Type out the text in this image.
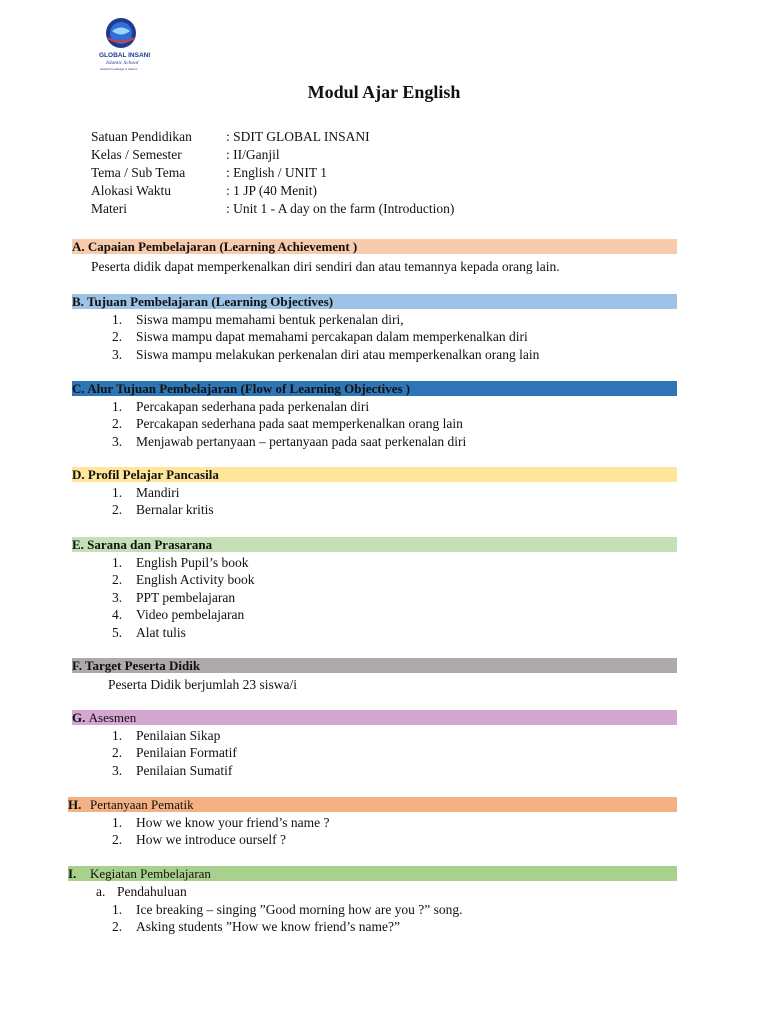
GLOBAL INSANI
Islamic School
Global Knowledge & Islamic
Modul Ajar English
Satuan Pendidikan	: SDIT GLOBAL INSANI
Kelas / Semester	: II/Ganjil
Tema / Sub Tema	: English / UNIT 1
Alokasi Waktu	: 1 JP (40 Menit)
Materi	: Unit 1 - A day on the farm (Introduction)
A. Capaian Pembelajaran (Learning Achievement )
Peserta didik dapat memperkenalkan diri sendiri dan atau temannya kepada orang lain.
B. Tujuan Pembelajaran (Learning Objectives)
1.	Siswa mampu memahami bentuk perkenalan diri,
2.	Siswa mampu dapat memahami percakapan dalam memperkenalkan diri
3.	Siswa mampu melakukan perkenalan diri atau memperkenalkan orang lain
C. Alur Tujuan Pembelajaran (Flow of Learning Objectives )
1.	Percakapan sederhana pada perkenalan diri
2.	Percakapan sederhana pada saat memperkenalkan orang lain
3.	Menjawab pertanyaan – pertanyaan pada saat perkenalan diri
D. Profil Pelajar Pancasila
1.	Mandiri
2.	Bernalar kritis
E. Sarana dan Prasarana
1.	English Pupil’s book
2.	English Activity book
3.	PPT pembelajaran
4.	Video pembelajaran
5.	Alat tulis
F. Target Peserta Didik
Peserta Didik berjumlah 23 siswa/i
G. Asesmen
1.	Penilaian Sikap
2.	Penilaian Formatif
3.	Penilaian Sumatif
H. Pertanyaan Pematik
1.	How we know your friend’s name ?
2.	How we introduce ourself ?
I. Kegiatan Pembelajaran
a. Pendahuluan
1.	Ice breaking – singing ”Good morning how are you ?” song.
2.	Asking students ”How we know friend’s name?”
